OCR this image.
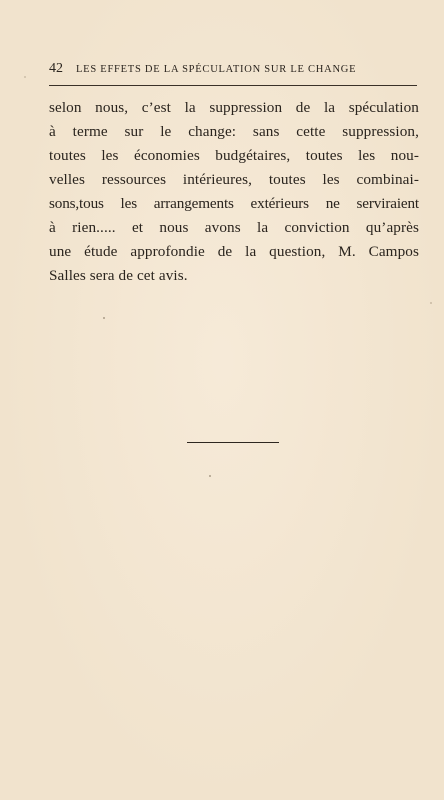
42 LES EFFETS DE LA SPÉCULATION SUR LE CHANGE
selon nous, c’est la suppression de la spéculation
à terme sur le change: sans cette suppression,
toutes les économies budgétaires, toutes les nou-
velles ressources intérieures, toutes les combinai-
sons,tous les arrangements extérieurs ne serviraient
à rien..... et nous avons la conviction qu’après
une étude approfondie de la question, M. Campos
Salles sera de cet avis.
